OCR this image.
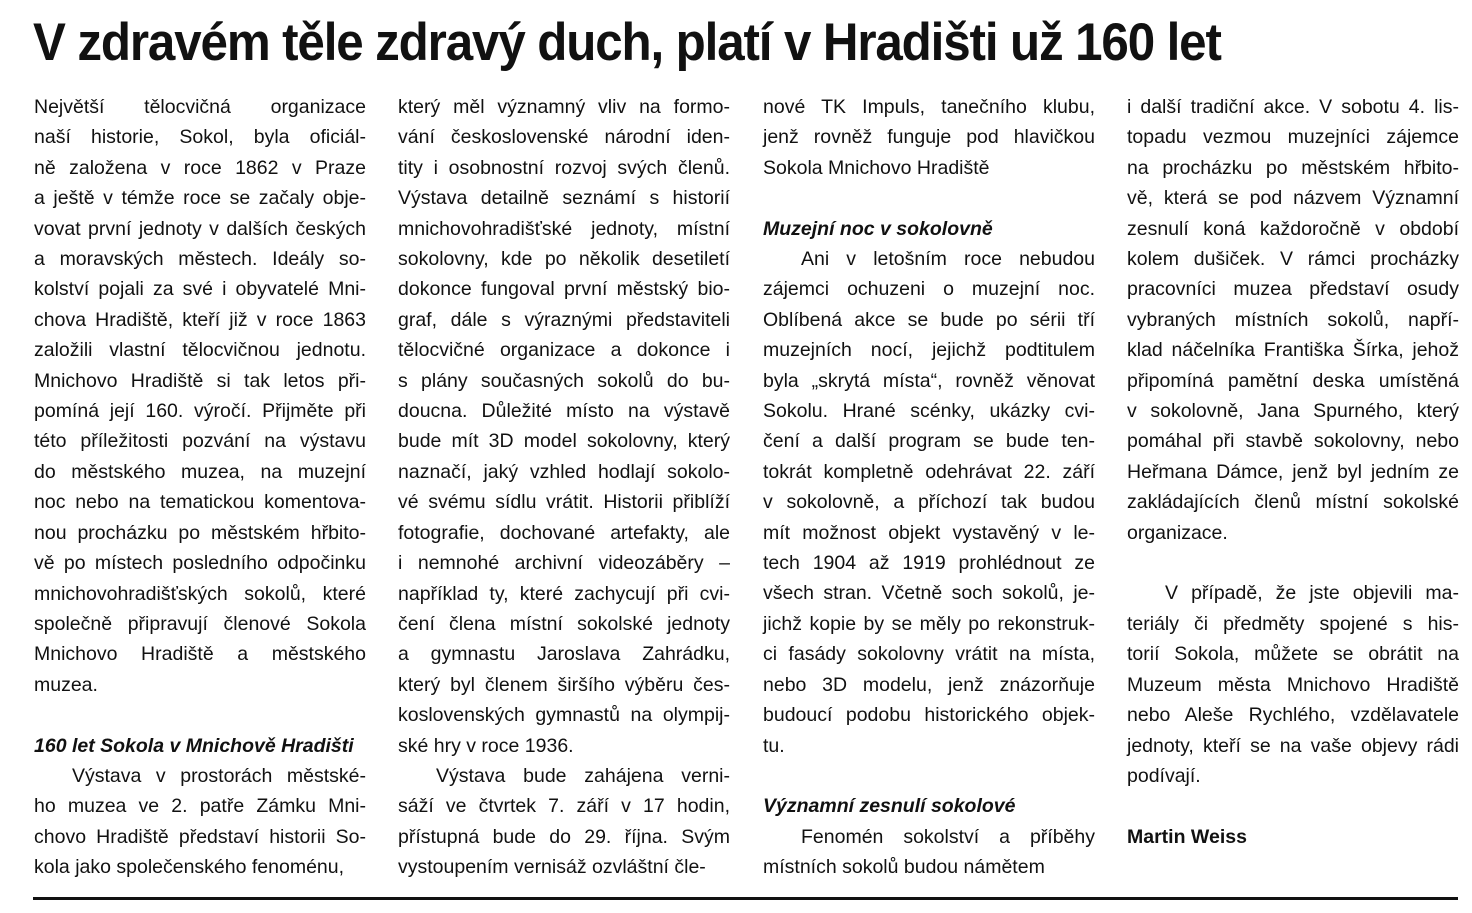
V zdravém těle zdravý duch, platí v Hradišti už 160 let

Největší tělocvičná organizace
naší historie, Sokol, byla oficiál-
ně založena v roce 1862 v Praze
a ještě v témže roce se začaly obje-
vovat první jednoty v dalších českých
a moravských městech. Ideály so-
kolství pojali za své i obyvatelé Mni-
chova Hradiště, kteří již v roce 1863
založili vlastní tělocvičnou jednotu.
Mnichovo Hradiště si tak letos při-
pomíná její 160. výročí. Přijměte při
této příležitosti pozvání na výstavu
do městského muzea, na muzejní
noc nebo na tematickou komentova-
nou procházku po městském hřbito-
vě po místech posledního odpočinku
mnichovohradišťských sokolů, které
společně připravují členové Sokola
Mnichovo Hradiště a městského
muzea.

160 let Sokola v Mnichově Hradišti

Výstava v prostorách městské-
ho muzea ve 2. patře Zámku Mni-
chovo Hradiště představí historii So-
kola jako společenského fenoménu,

který měl významný vliv na formo-
vání československé národní iden-
tity i osobnostní rozvoj svých členů.
Výstava detailně seznámí s historií
mnichovohradišťské jednoty, místní
sokolovny, kde po několik desetiletí
dokonce fungoval první městský bio-
graf, dále s výraznými představiteli
tělocvičné organizace a dokonce i
s plány současných sokolů do bu-
doucna. Důležité místo na výstavě
bude mít 3D model sokolovny, který
naznačí, jaký vzhled hodlají sokolo-
vé svému sídlu vrátit. Historii přiblíží
fotografie, dochované artefakty, ale
i nemnohé archivní videozáběry –
například ty, které zachycují při cvi-
čení člena místní sokolské jednoty
a gymnastu Jaroslava Zahrádku,
který byl členem širšího výběru čes-
koslovenských gymnastů na olympij-
ské hry v roce 1936.

Výstava bude zahájena verni-
sáží ve čtvrtek 7. září v 17 hodin,
přístupná bude do 29. října. Svým
vystoupením vernisáž ozvláštní čle-

nové TK Impuls, tanečního klubu,
jenž rovněž funguje pod hlavičkou
Sokola Mnichovo Hradiště

Muzejní noc v sokolovně

Ani v letošním roce nebudou
zájemci ochuzeni o muzejní noc.
Oblíbená akce se bude po sérii tří
muzejních nocí, jejichž podtitulem
byla „skrytá místa“, rovněž věnovat
Sokolu. Hrané scénky, ukázky cvi-
čení a další program se bude ten-
tokrát kompletně odehrávat 22. září
v sokolovně, a příchozí tak budou
mít možnost objekt vystavěný v le-
tech 1904 až 1919 prohlédnout ze
všech stran. Včetně soch sokolů, je-
jichž kopie by se měly po rekonstruk-
ci fasády sokolovny vrátit na místa,
nebo 3D modelu, jenž znázorňuje
budoucí podobu historického objek-
tu.

Významní zesnulí sokolové

Fenomén sokolství a příběhy
místních sokolů budou námětem

i další tradiční akce. V sobotu 4. lis-
topadu vezmou muzejníci zájemce
na procházku po městském hřbito-
vě, která se pod názvem Významní
zesnulí koná každoročně v období
kolem dušiček. V rámci procházky
pracovníci muzea představí osudy
vybraných místních sokolů, napří-
klad náčelníka Františka Šírka, jehož
připomíná pamětní deska umístěná
v sokolovně, Jana Spurného, který
pomáhal při stavbě sokolovny, nebo
Heřmana Dámce, jenž byl jedním ze
zakládajících členů místní sokolské
organizace.

V případě, že jste objevili ma-
teriály či předměty spojené s his-
torií Sokola, můžete se obrátit na
Muzeum města Mnichovo Hradiště
nebo Aleše Rychlého, vzdělavatele
jednoty, kteří se na vaše objevy rádi
podívají.

Martin Weiss
